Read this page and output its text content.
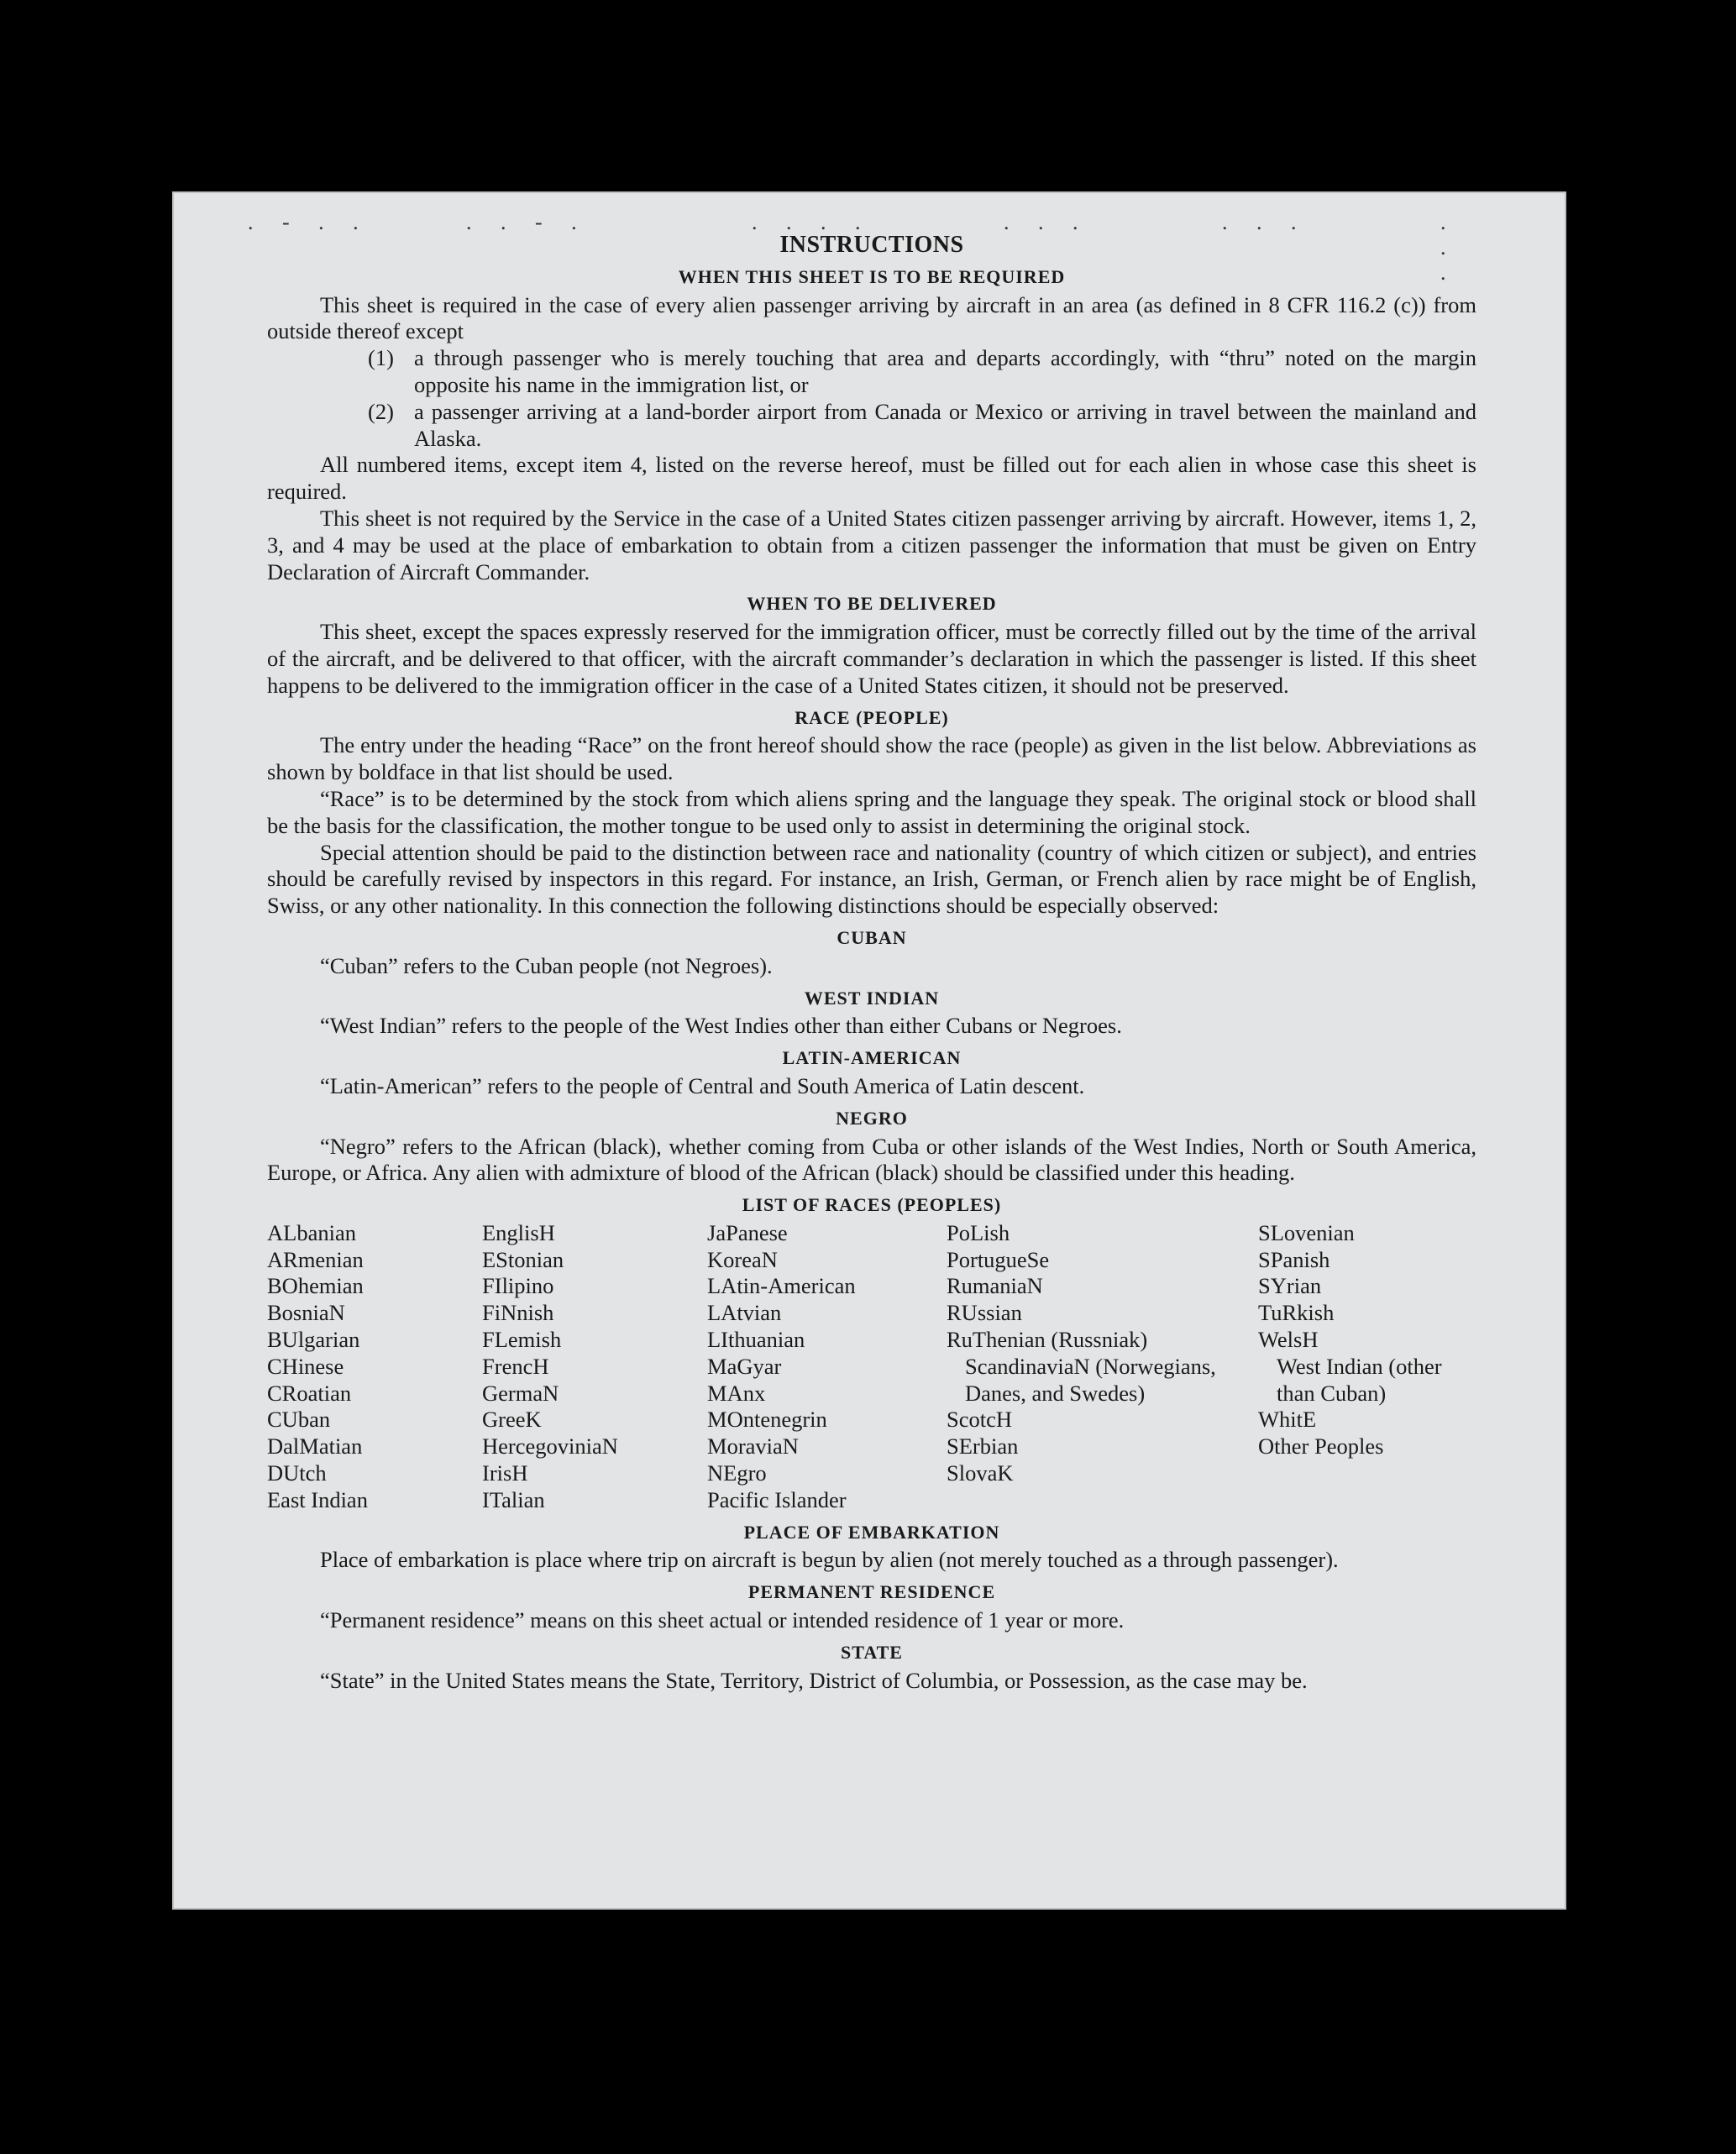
. - . .	. . - .	. . . .	. . .	. . .	. . .
INSTRUCTIONS
WHEN THIS SHEET IS TO BE REQUIRED

This sheet is required in the case of every alien passenger arriving by aircraft in an area (as defined in 8 CFR 116.2 (c)) from outside thereof except

(1) a through passenger who is merely touching that area and departs accordingly, with “thru” noted on the margin opposite his name in the immigration list, or
(2) a passenger arriving at a land-border airport from Canada or Mexico or arriving in travel between the mainland and Alaska.

All numbered items, except item 4, listed on the reverse hereof, must be filled out for each alien in whose case this sheet is required.

This sheet is not required by the Service in the case of a United States citizen passenger arriving by aircraft. However, items 1, 2, 3, and 4 may be used at the place of embarkation to obtain from a citizen passenger the information that must be given on Entry Declaration of Aircraft Commander.

WHEN TO BE DELIVERED

This sheet, except the spaces expressly reserved for the immigration officer, must be correctly filled out by the time of the arrival of the aircraft, and be delivered to that officer, with the aircraft commander’s declaration in which the passenger is listed. If this sheet happens to be delivered to the immigration officer in the case of a United States citizen, it should not be preserved.

RACE (PEOPLE)

The entry under the heading “Race” on the front hereof should show the race (people) as given in the list below. Abbreviations as shown by boldface in that list should be used.

“Race” is to be determined by the stock from which aliens spring and the language they speak. The original stock or blood shall be the basis for the classification, the mother tongue to be used only to assist in determining the original stock.

Special attention should be paid to the distinction between race and nationality (country of which citizen or subject), and entries should be carefully revised by inspectors in this regard. For instance, an Irish, German, or French alien by race might be of English, Swiss, or any other nationality. In this connection the following distinctions should be especially observed:

CUBAN

“Cuban” refers to the Cuban people (not Negroes).

WEST INDIAN

“West Indian” refers to the people of the West Indies other than either Cubans or Negroes.

LATIN-AMERICAN

“Latin-American” refers to the people of Central and South America of Latin descent.

NEGRO

“Negro” refers to the African (black), whether coming from Cuba or other islands of the West Indies, North or South America, Europe, or Africa. Any alien with admixture of blood of the African (black) should be classified under this heading.

LIST OF RACES (PEOPLES)
ALbanian
ARmenian
BOhemian
BosniaN
BUlgarian
CHinese
CRoatian
CUban
DalMatian
DUtch
East Indian
EnglisH
EStonian
FIlipino
FiNnish
FLemish
FrencH
GermaN
GreeK
HercegoviniaN
IrisH
ITalian
JaPanese
KoreaN
LAtin-American
LAtvian
LIthuanian
MaGyar
MAnx
MOntenegrin
MoraviaN
NEgro
Pacific Islander
PoLish
PortugueSe
RumaniaN
RUssian
RuThenian (Russniak)
ScandinaviaN (Norwegians, Danes, and Swedes)
ScotcH
SErbian
SlovaK
SLovenian
SPanish
SYrian
TuRkish
WelsH
West Indian (other than Cuban)
WhitE
Other Peoples
PLACE OF EMBARKATION

Place of embarkation is place where trip on aircraft is begun by alien (not merely touched as a through passenger).

PERMANENT RESIDENCE

“Permanent residence” means on this sheet actual or intended residence of 1 year or more.

STATE

“State” in the United States means the State, Territory, District of Columbia, or Possession, as the case may be.
